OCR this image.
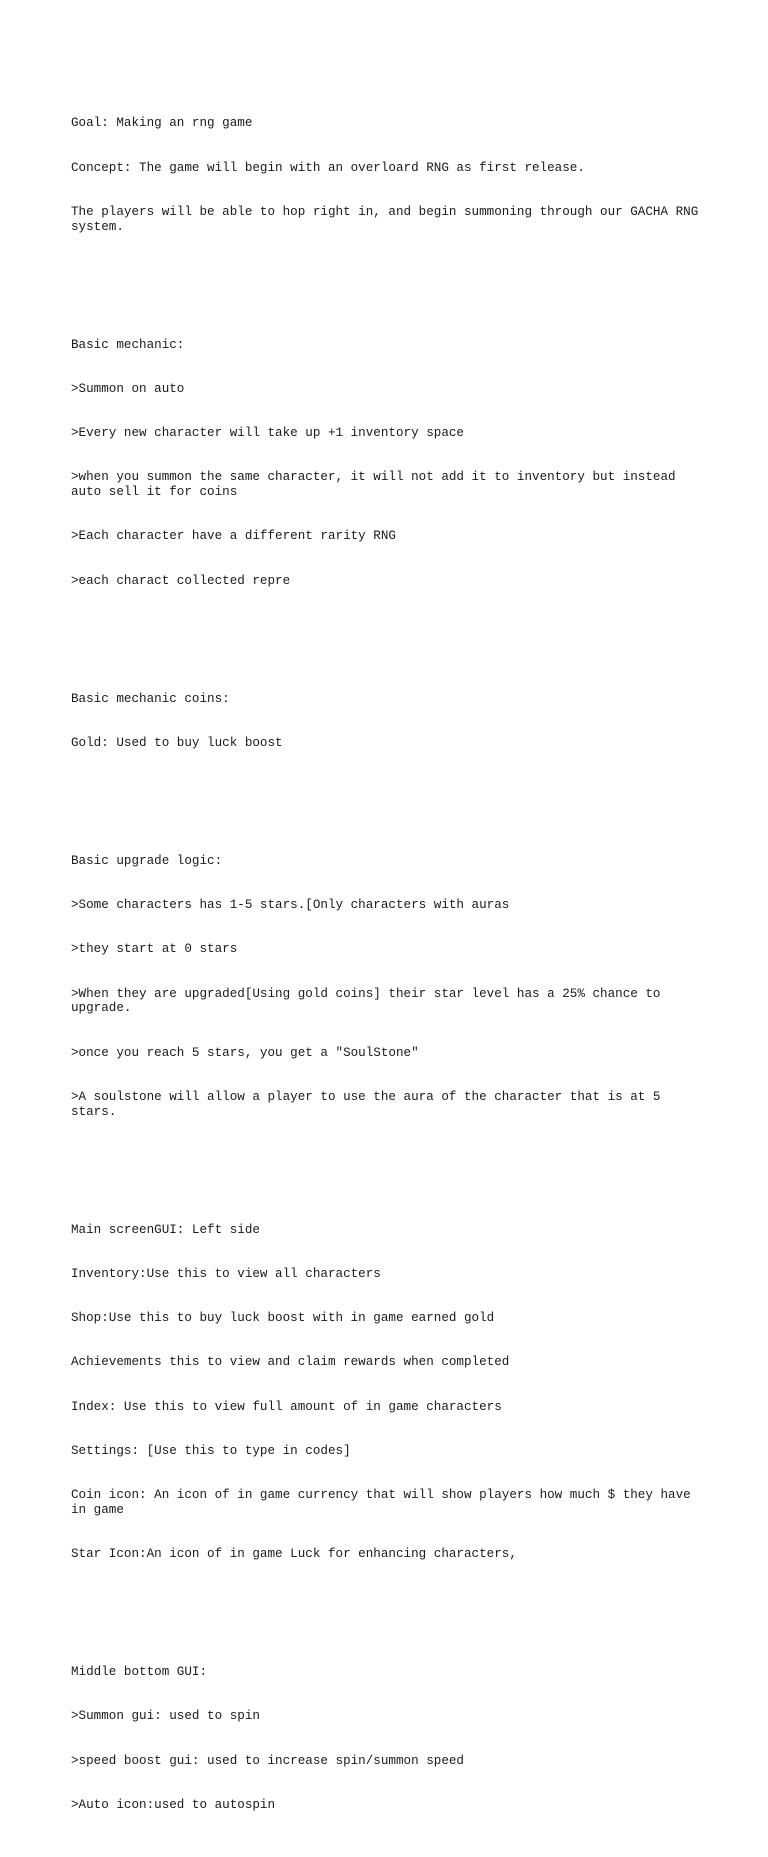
Goal: Making an rng game

Concept: The game will begin with an overloard RNG as first release.

The players will be able to hop right in, and begin summoning through our GACHA RNG system.

Basic mechanic:

>Summon on auto

>Every new character will take up +1 inventory space

>when you summon the same character, it will not add it to inventory but instead auto sell it for coins

>Each character have a different rarity RNG

>each charact collected repre

Basic mechanic coins:

Gold: Used to buy luck boost

Basic upgrade logic:

>Some characters has 1-5 stars.[Only characters with auras

>they start at 0 stars

>When they are upgraded[Using gold coins] their star level has a 25% chance to upgrade.

>once you reach 5 stars, you get a "SoulStone"

>A soulstone will allow a player to use the aura of the character that is at 5 stars.

Main screenGUI: Left side

Inventory:Use this to view all characters

Shop:Use this to buy luck boost with in game earned gold

Achievements this to view and claim rewards when completed

Index: Use this to view full amount of in game characters

Settings: [Use this to type in codes]

Coin icon: An icon of in game currency that will show players how much $ they have in game

Star Icon:An icon of in game Luck for enhancing characters,

Middle bottom GUI:

>Summon gui: used to spin

>speed boost gui: used to increase spin/summon speed

>Auto icon:used to autospin
